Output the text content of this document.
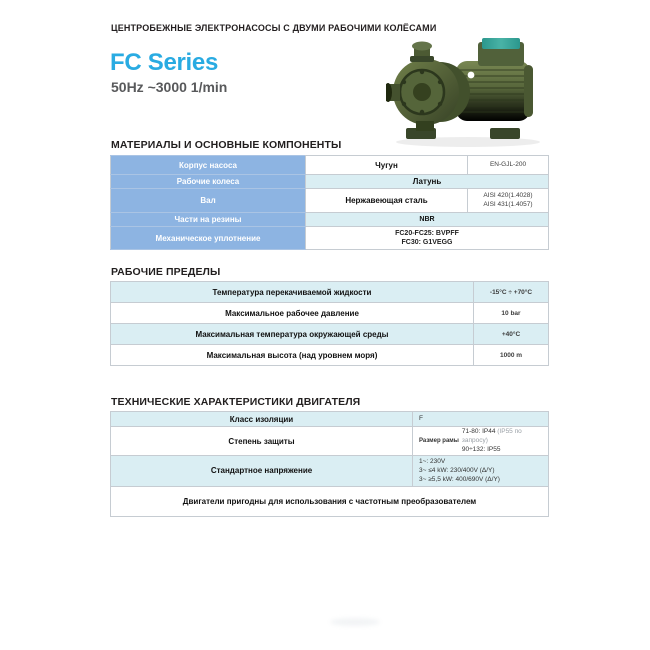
ЦЕНТРОБЕЖНЫЕ ЭЛЕКТРОНАСОСЫ С ДВУМИ РАБОЧИМИ КОЛЁСАМИ
FC Series
50Hz ~3000 1/min
МАТЕРИАЛЫ И ОСНОВНЫЕ КОМПОНЕНТЫ
Корпус насоса	Чугун	EN-GJL-200
Рабочие колеса	Латунь	
Вал	Нержавеющая сталь	AISI 420(1.4028)
AISI 431(1.4057)

Части на резины	NBR	
Механическое уплотнение	FC20-FC25: BVPFF
FC30: G1VEGG	
РАБОЧИЕ ПРЕДЕЛЫ
Температура перекачиваемой жидкости	-15°C ÷ +70°C
Максимальное рабочее давление	10 bar
Максимальная температура окружающей среды	+40°C
Максимальная высота (над уровнем моря)	1000 m
ТЕХНИЧЕСКИЕ ХАРАКТЕРИСТИКИ ДВИГАТЕЛЯ
Класс изоляции	F
Степень защиты	Размер рамы
71-80: IP44 (IP55 по запросу)
90÷132: IP55

Стандартное напряжение	1~: 230V
3~ ≤4 kW: 230/400V (Δ/Y)
3~ ≥5,5 kW: 400/690V (Δ/Y)

Двигатели пригодны для использования с частотным преобразователем	
